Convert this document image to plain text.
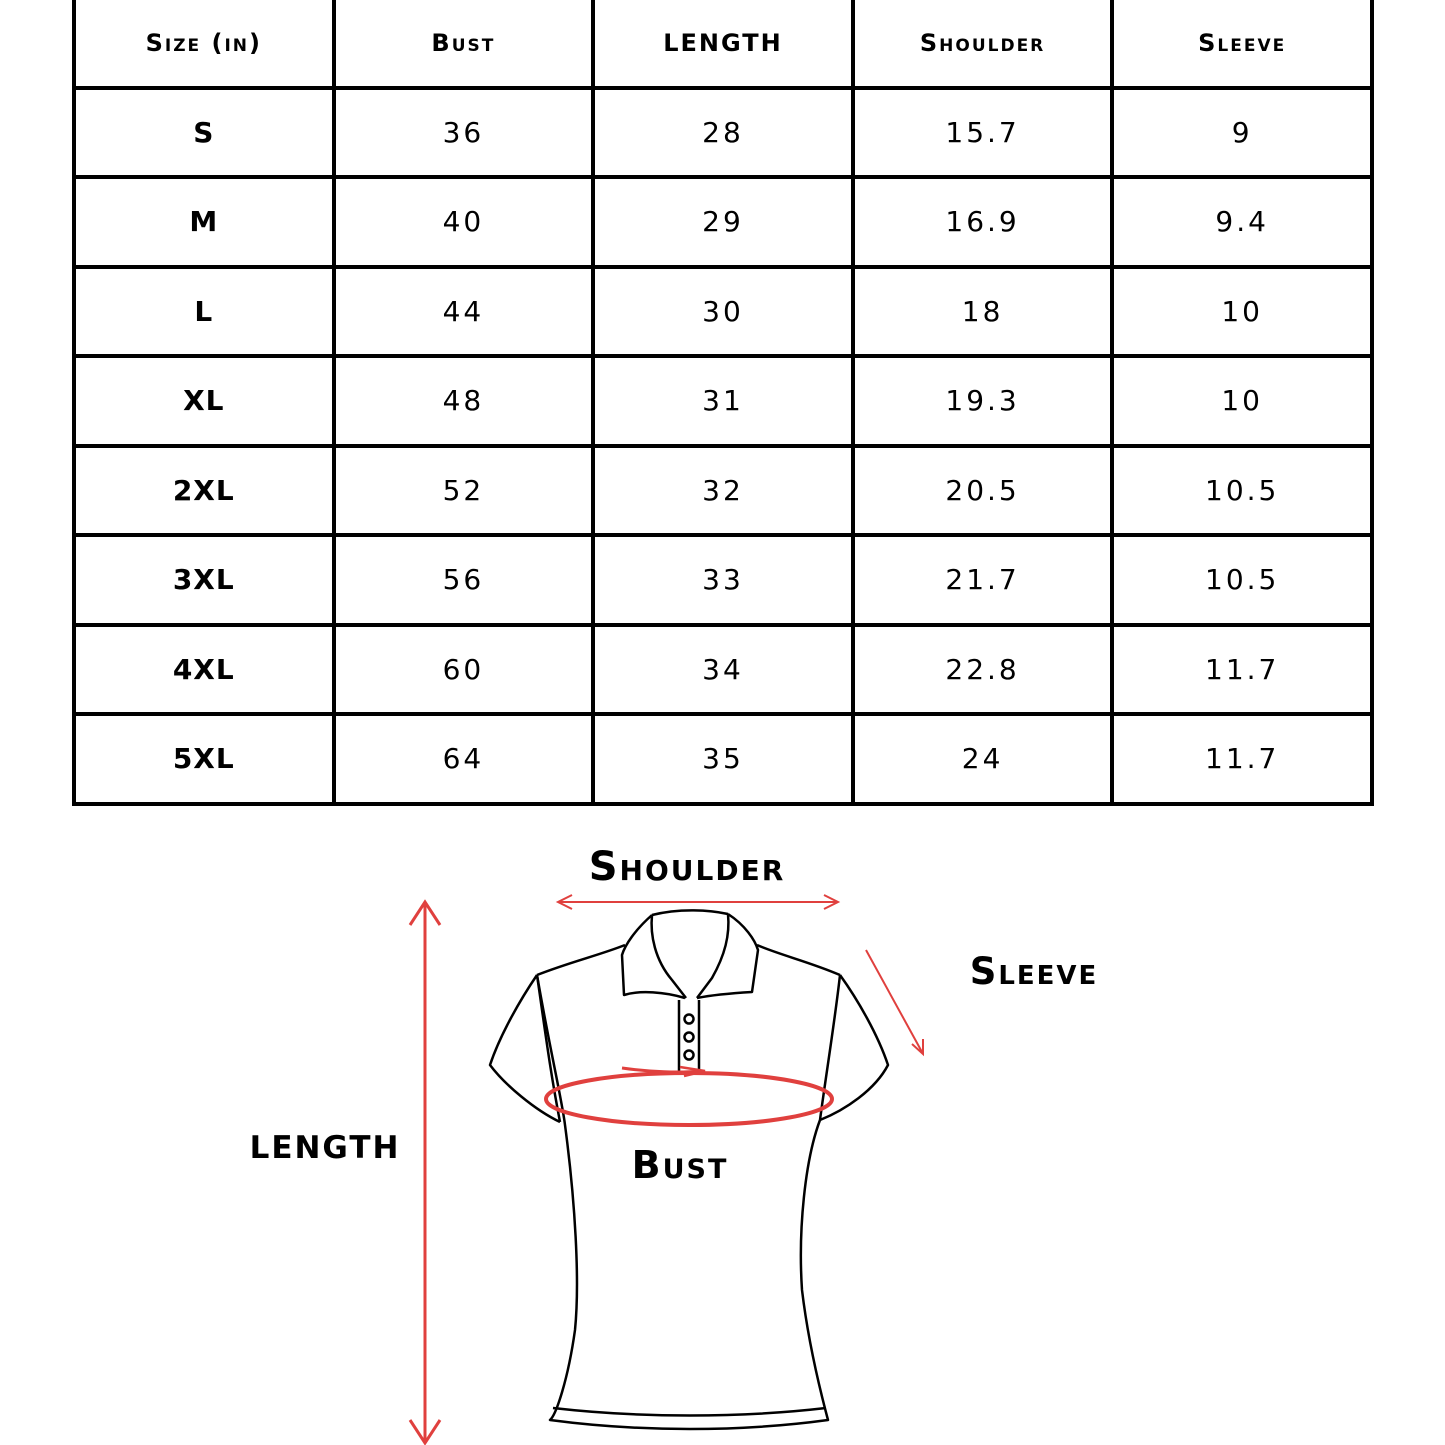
Size (in)	Bust	LENGTH	Shoulder	Sleeve
S	36	28	15.7	9
M	40	29	16.9	9.4
L	44	30	18	10
XL	48	31	19.3	10
2XL	52	32	20.5	10.5
3XL	56	33	21.7	10.5
4XL	60	34	22.8	11.7
5XL	64	35	24	11.7
Shoulder
Sleeve
LENGTH	Bust
